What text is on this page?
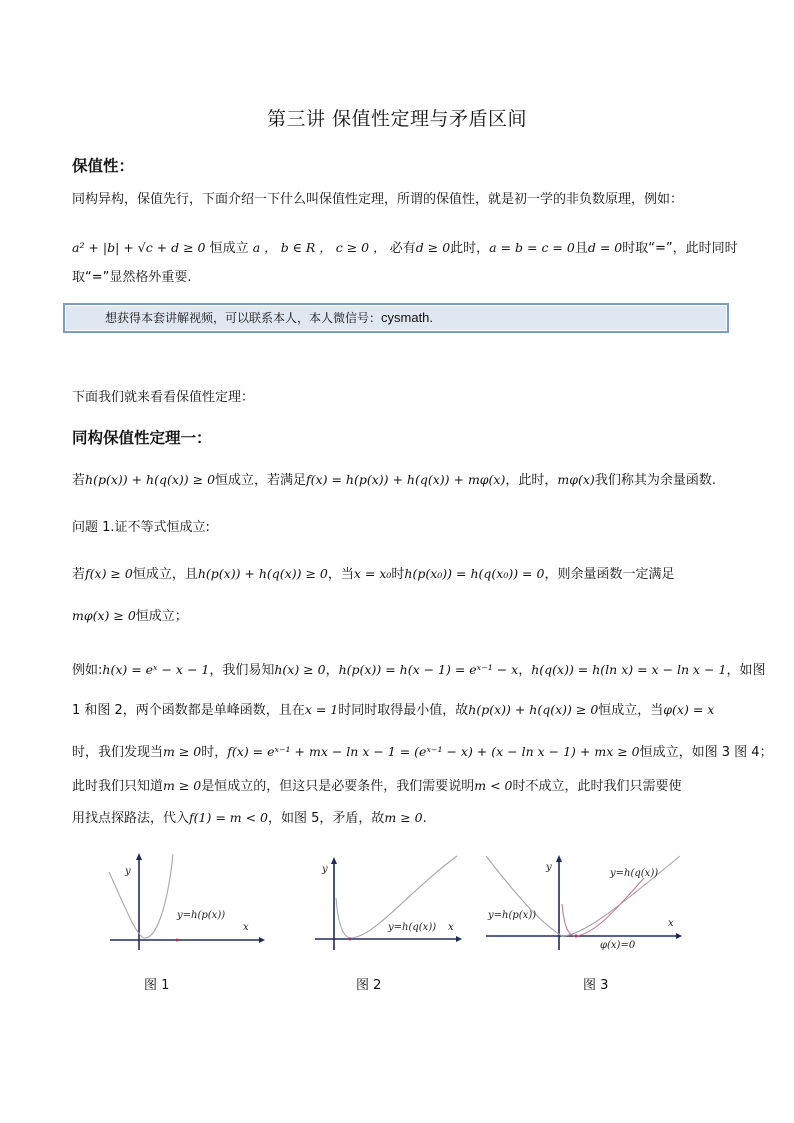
第三讲 保值性定理与矛盾区间
保值性：
同构异构，保值先行，下面介绍一下什么叫保值性定理，所谓的保值性，就是初一学的非负数原理，例如：
a² + |b| + √c + d ≥ 0 恒成立 a ， b ∈ R ， c ≥ 0 ， 必有d ≥ 0此时，a = b = c = 0且d = 0时取“=”，此时同时
取“=”显然格外重要.
想获得本套讲解视频，可以联系本人，本人微信号：cysmath.
下面我们就来看看保值性定理：
同构保值性定理一：
若h(p(x)) + h(q(x)) ≥ 0恒成立，若满足f(x) = h(p(x)) + h(q(x)) + mφ(x)，此时，mφ(x)我们称其为余量函数.
问题 1.证不等式恒成立:
若f(x) ≥ 0恒成立，且h(p(x)) + h(q(x)) ≥ 0，当x = x₀时h(p(x₀)) = h(q(x₀)) = 0，则余量函数一定满足
mφ(x) ≥ 0恒成立；
例如:h(x) = eˣ − x − 1，我们易知h(x) ≥ 0，h(p(x)) = h(x − 1) = eˣ⁻¹ − x，h(q(x)) = h(ln x) = x − ln x − 1，如图
1 和图 2，两个函数都是单峰函数，且在x = 1时同时取得最小值，故h(p(x)) + h(q(x)) ≥ 0恒成立，当φ(x) = x
时，我们发现当m ≥ 0时，f(x) = eˣ⁻¹ + mx − ln x − 1 = (eˣ⁻¹ − x) + (x − ln x − 1) + mx ≥ 0恒成立，如图 3 图 4；
此时我们只知道m ≥ 0是恒成立的，但这只是必要条件，我们需要说明m < 0时不成立，此时我们只需要使
用找点探路法，代入f(1) = m < 0，如图 5，矛盾，故m ≥ 0.
y
x
y=h(p(x))
图 1
y
x
y=h(q(x))
图 2
y
x
y=h(q(x))
y=h(p(x))
φ(x)=0
图 3
